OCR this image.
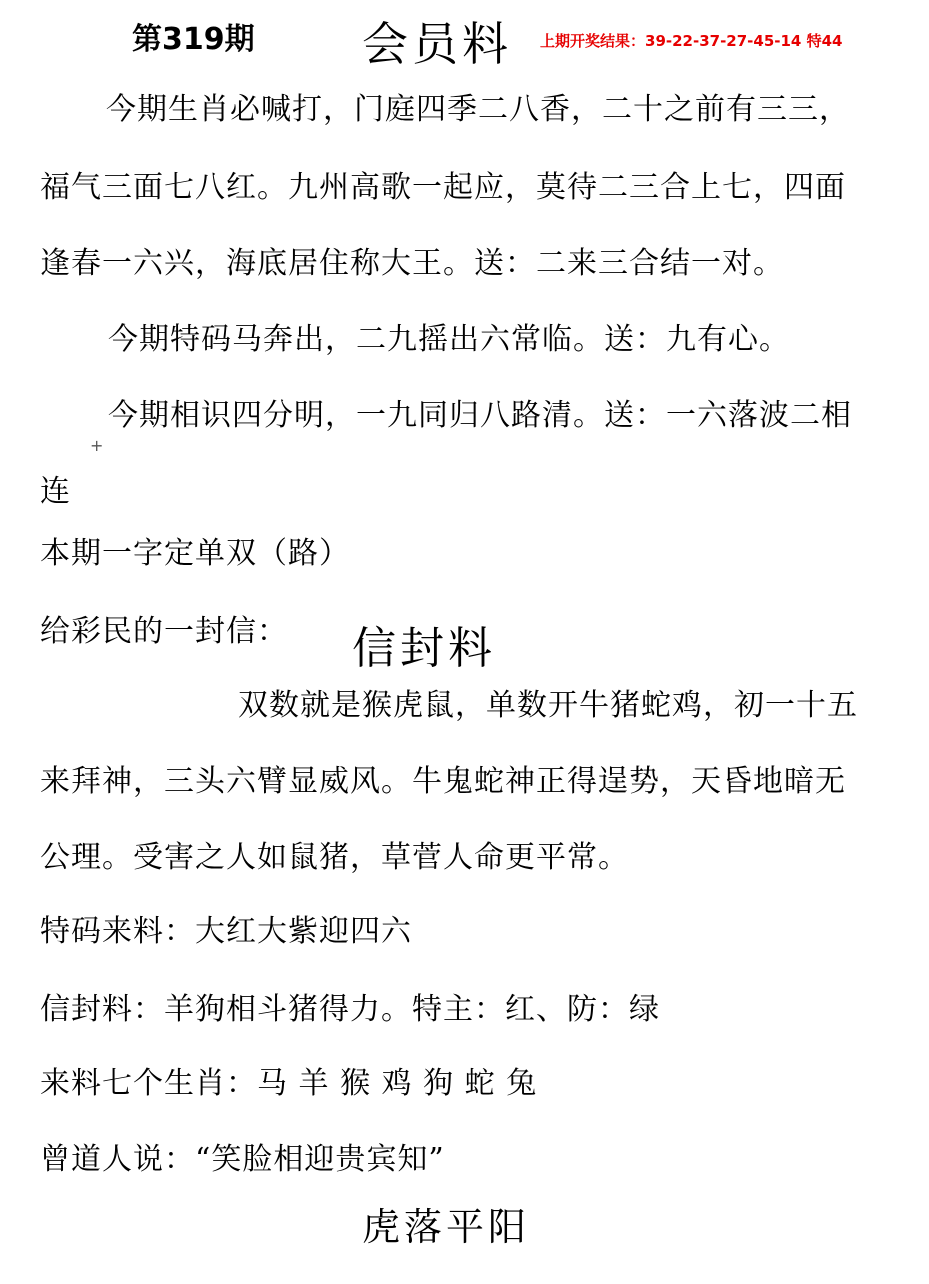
第319期 会员料 上期开奖结果：39-22-37-27-45-14 特44
今期生肖必喊打，门庭四季二八香，二十之前有三三，
福气三面七八红。九州高歌一起应，莫待二三合上七，四面
逢春一六兴，海底居住称大王。送：二来三合结一对。
今期特码马奔出，二九摇出六常临。送：九有心。
今期相识四分明，一九同归八路清。送：一六落波二相
连
本期一字定单双（路）
给彩民的一封信： 信封料
双数就是猴虎鼠，单数开牛猪蛇鸡，初一十五
来拜神，三头六臂显威风。牛鬼蛇神正得逞势，天昏地暗无
公理。受害之人如鼠猪，草菅人命更平常。
特码来料：大红大紫迎四六
信封料：羊狗相斗猪得力。特主：红、防：绿
来料七个生肖：马 羊 猴 鸡 狗 蛇 兔
曾道人说：“笑脸相迎贵宾知”
虎落平阳
+
